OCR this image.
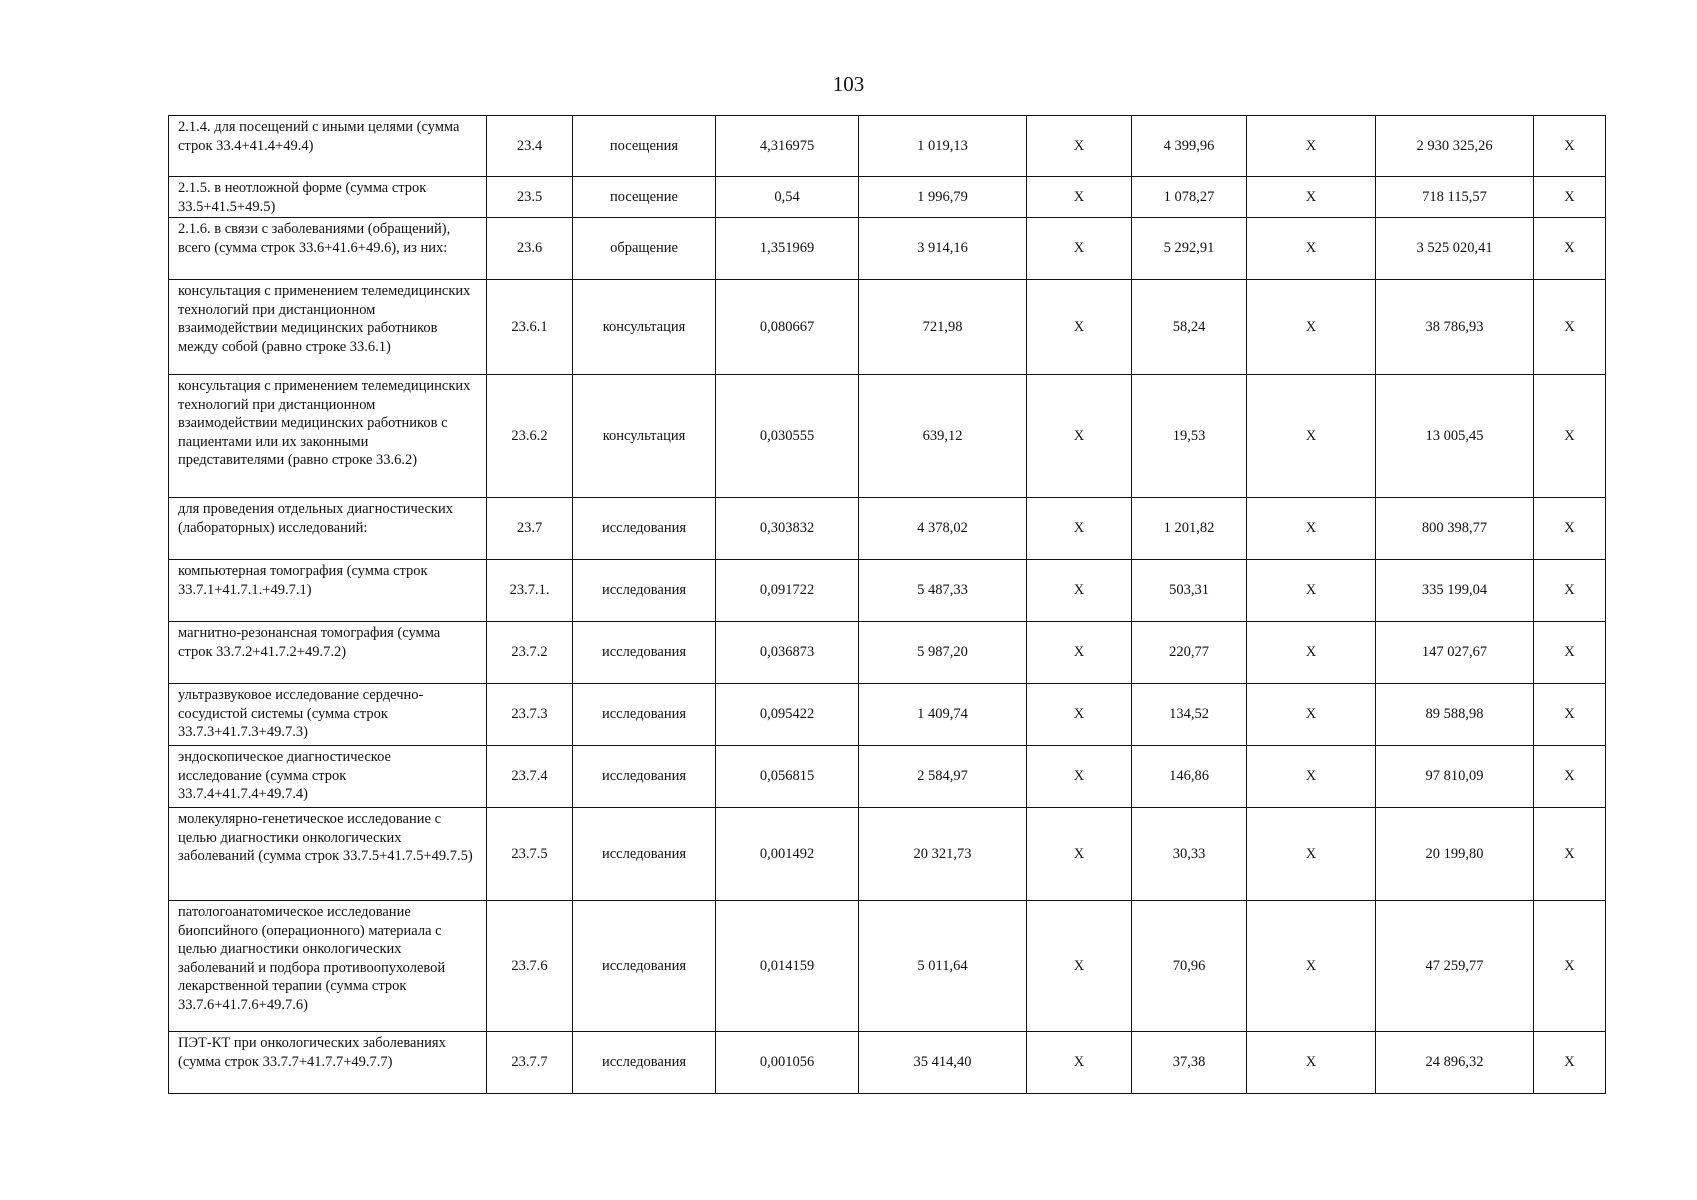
103
2.1.4. для посещений с иными целями (сумма строк 33.4+41.4+49.4)	23.4	посещения	4,316975	1 019,13	X	4 399,96	X	2 930 325,26	X
2.1.5. в неотложной форме (сумма строк 33.5+41.5+49.5)	23.5	посещение	0,54	1 996,79	X	1 078,27	X	718 115,57	X
2.1.6. в связи с заболеваниями (обращений), всего (сумма строк 33.6+41.6+49.6), из них:	23.6	обращение	1,351969	3 914,16	X	5 292,91	X	3 525 020,41	X
консультация с применением телемедицинских технологий при дистанционном взаимодействии медицинских работников между собой (равно строке 33.6.1)	23.6.1	консультация	0,080667	721,98	X	58,24	X	38 786,93	X
консультация с применением телемедицинских технологий при дистанционном взаимодействии медицинских работников с пациентами или их законными представителями (равно строке 33.6.2)	23.6.2	консультация	0,030555	639,12	X	19,53	X	13 005,45	X
для проведения отдельных диагностических (лабораторных) исследований:	23.7	исследования	0,303832	4 378,02	X	1 201,82	X	800 398,77	X
компьютерная томография (сумма строк 33.7.1+41.7.1.+49.7.1)	23.7.1.	исследования	0,091722	5 487,33	X	503,31	X	335 199,04	X
магнитно-резонансная томография (сумма строк 33.7.2+41.7.2+49.7.2)	23.7.2	исследования	0,036873	5 987,20	X	220,77	X	147 027,67	X
ультразвуковое исследование сердечно-сосудистой системы (сумма строк 33.7.3+41.7.3+49.7.3)	23.7.3	исследования	0,095422	1 409,74	X	134,52	X	89 588,98	X
эндоскопическое диагностическое исследование (сумма строк 33.7.4+41.7.4+49.7.4)	23.7.4	исследования	0,056815	2 584,97	X	146,86	X	97 810,09	X
молекулярно-генетическое исследование с целью диагностики онкологических заболеваний (сумма строк 33.7.5+41.7.5+49.7.5)	23.7.5	исследования	0,001492	20 321,73	X	30,33	X	20 199,80	X
патологоанатомическое исследование биопсийного (операционного) материала с целью диагностики онкологических заболеваний и подбора противоопухолевой лекарственной терапии (сумма строк 33.7.6+41.7.6+49.7.6)	23.7.6	исследования	0,014159	5 011,64	X	70,96	X	47 259,77	X
ПЭТ-КТ при онкологических заболеваниях (сумма строк 33.7.7+41.7.7+49.7.7)	23.7.7	исследования	0,001056	35 414,40	X	37,38	X	24 896,32	X
